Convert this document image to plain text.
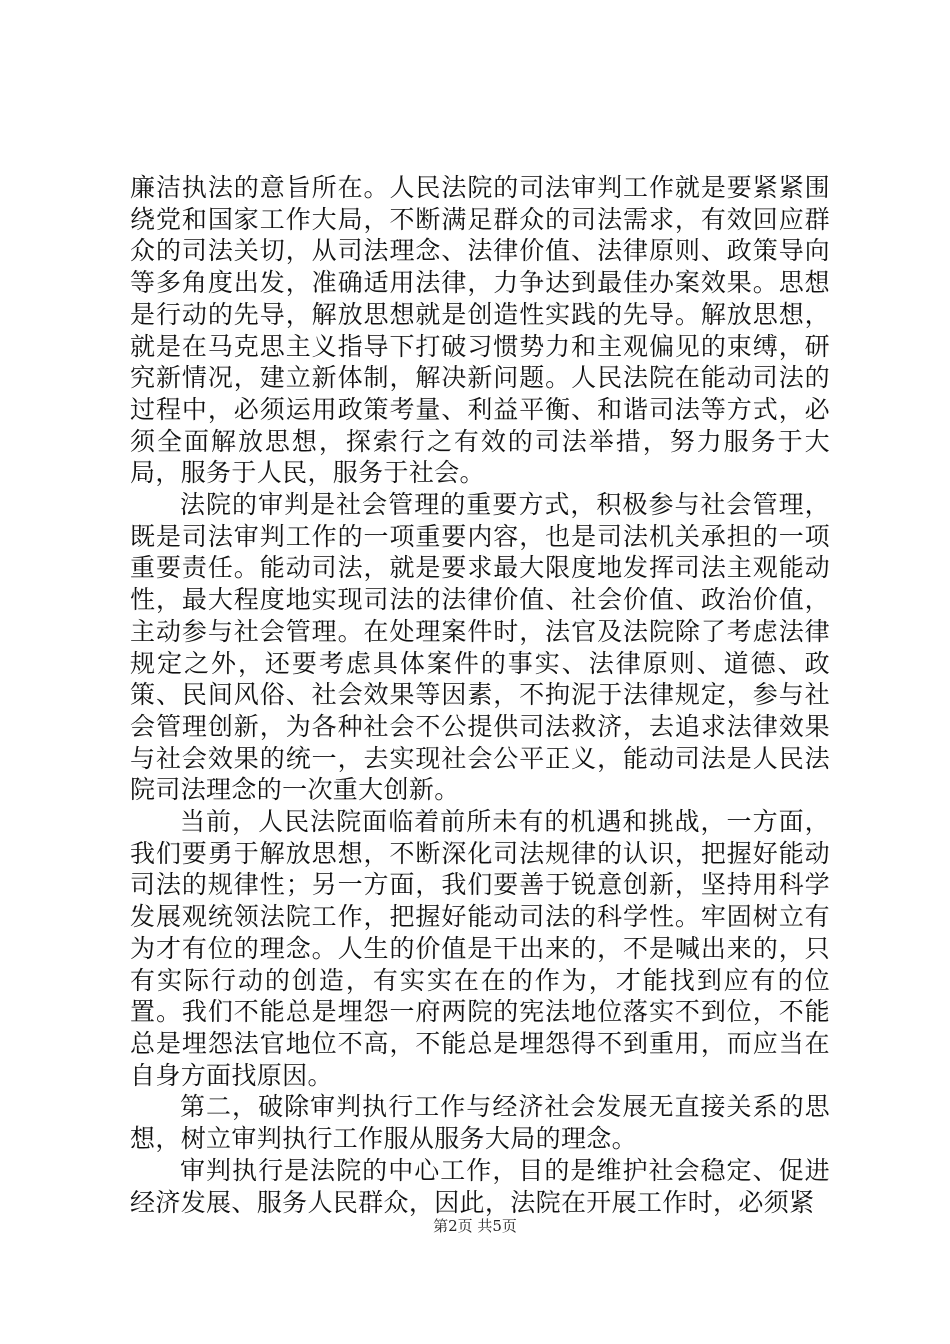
廉洁执法的意旨所在。人民法院的司法审判工作就是要紧紧围绕党和国家工作大局，不断满足群众的司法需求，有效回应群众的司法关切，从司法理念、法律价值、法律原则、政策导向等多角度出发，准确适用法律，力争达到最佳办案效果。思想是行动的先导，解放思想就是创造性实践的先导。解放思想，就是在马克思主义指导下打破习惯势力和主观偏见的束缚，研究新情况，建立新体制，解决新问题。人民法院在能动司法的过程中，必须运用政策考量、利益平衡、和谐司法等方式，必须全面解放思想，探索行之有效的司法举措，努力服务于大局，服务于人民，服务于社会。

法院的审判是社会管理的重要方式，积极参与社会管理，既是司法审判工作的一项重要内容，也是司法机关承担的一项重要责任。能动司法，就是要求最大限度地发挥司法主观能动性，最大程度地实现司法的法律价值、社会价值、政治价值，主动参与社会管理。在处理案件时，法官及法院除了考虑法律规定之外，还要考虑具体案件的事实、法律原则、道德、政策、民间风俗、社会效果等因素，不拘泥于法律规定，参与社会管理创新，为各种社会不公提供司法救济，去追求法律效果与社会效果的统一，去实现社会公平正义，能动司法是人民法院司法理念的一次重大创新。

当前，人民法院面临着前所未有的机遇和挑战，一方面，我们要勇于解放思想，不断深化司法规律的认识，把握好能动司法的规律性；另一方面，我们要善于锐意创新，坚持用科学发展观统领法院工作，把握好能动司法的科学性。牢固树立有为才有位的理念。人生的价值是干出来的，不是喊出来的，只有实际行动的创造，有实实在在的作为，才能找到应有的位置。我们不能总是埋怨一府两院的宪法地位落实不到位，不能总是埋怨法官地位不高，不能总是埋怨得不到重用，而应当在自身方面找原因。

第二，破除审判执行工作与经济社会发展无直接关系的思想，树立审判执行工作服从服务大局的理念。

审判执行是法院的中心工作，目的是维护社会稳定、促进经济发展、服务人民群众，因此，法院在开展工作时，必须紧

第2页 共5页
